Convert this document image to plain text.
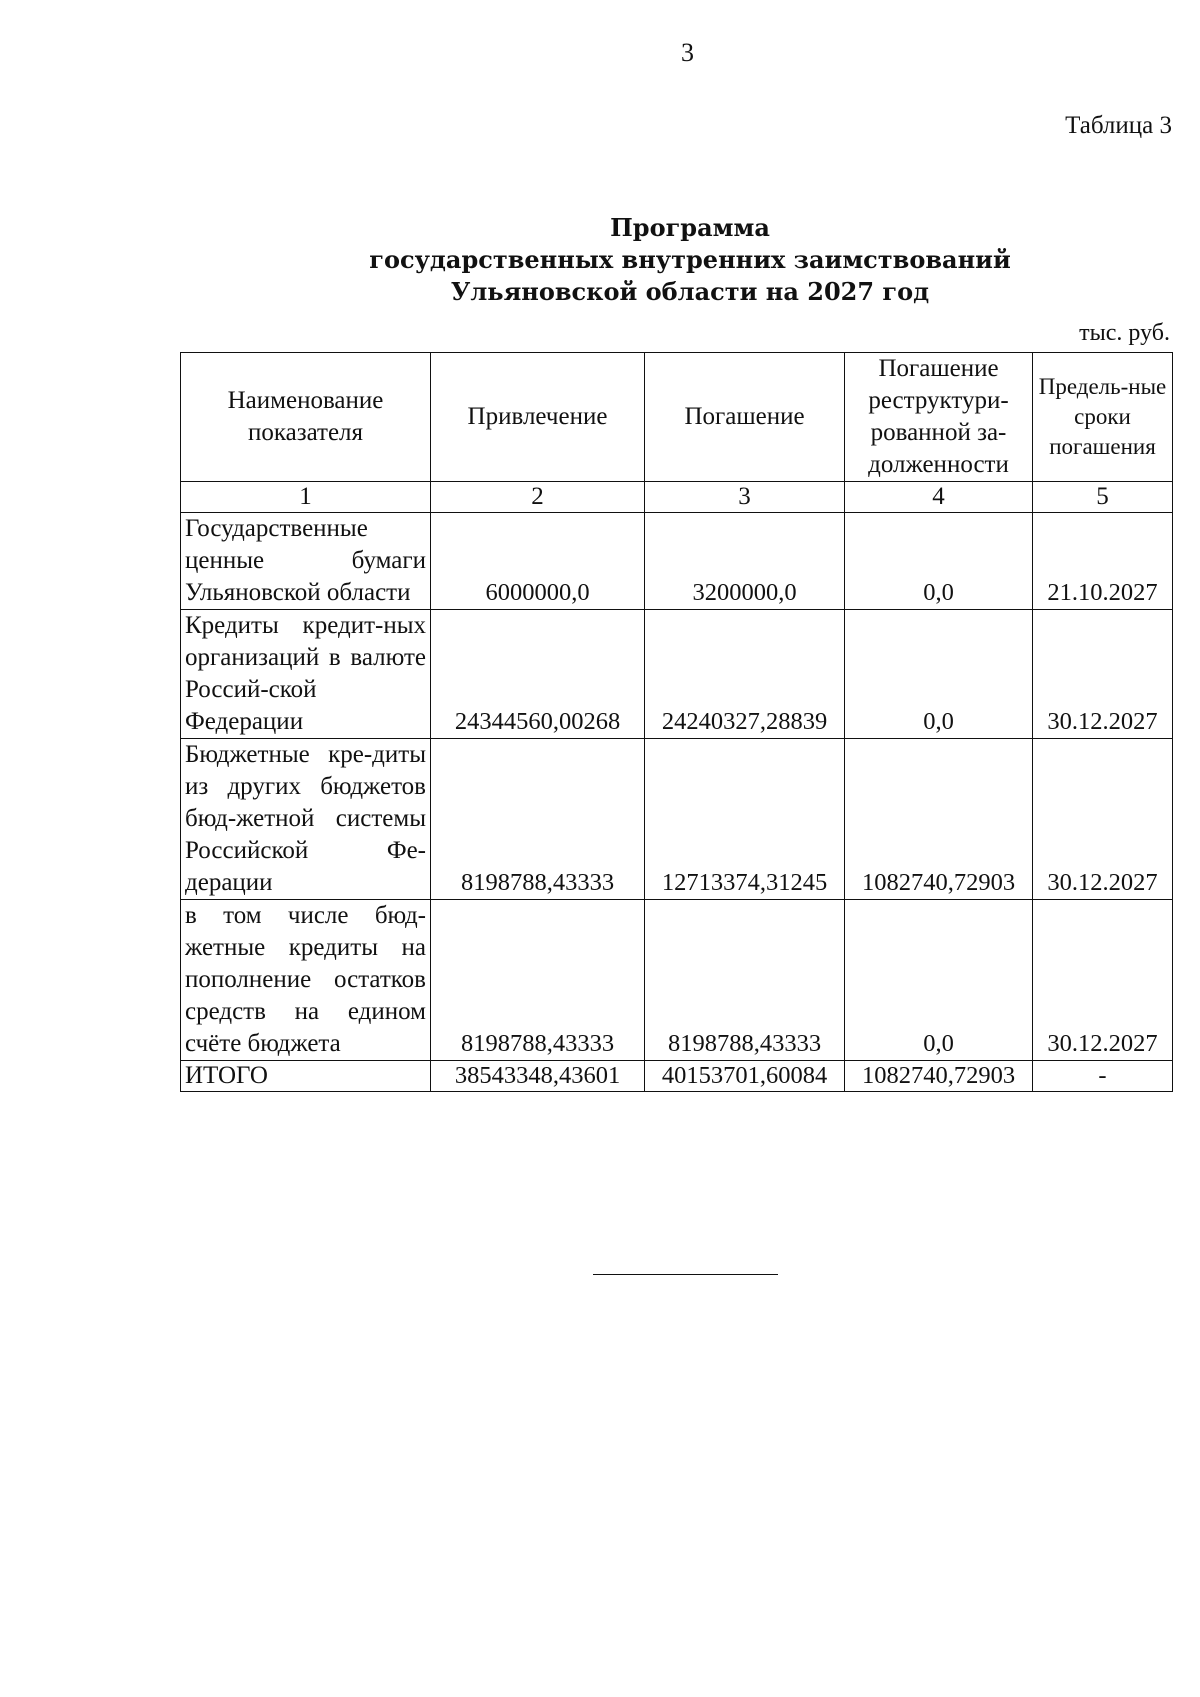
3
Таблица 3
Программа
государственных внутренних заимствований
Ульяновской области на 2027 год
тыс. руб.
Наименование показателя	Привлечение	Погашение	Погашение реструктури-рованной за-долженности	Предель-ные сроки погашения
1	2	3	4	5
Государственные ценные бумаги Ульяновской области	6000000,0	3200000,0	0,0	21.10.2027
Кредиты кредит-ных организаций в валюте Россий-ской Федерации	24344560,00268	24240327,28839	0,0	30.12.2027
Бюджетные кре-диты из других бюджетов бюд-жетной системы Российской Фе-дерации	8198788,43333	12713374,31245	1082740,72903	30.12.2027
в том числе бюд-жетные кредиты на пополнение остатков средств на едином счёте бюджета	8198788,43333	8198788,43333	0,0	30.12.2027
ИТОГО	38543348,43601	40153701,60084	1082740,72903	-
